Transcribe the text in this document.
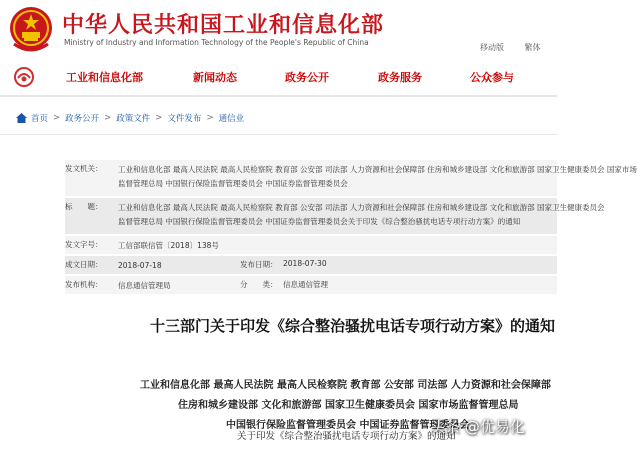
中华人民共和国工业和信息化部
Ministry of Industry and Information Technology of the People's Republic of China
移动版	繁体
工业和信息化部	新闻动态	政务公开	政务服务	公众参与
首页 > 政务公开 > 政策文件 > 文件发布 > 通信业
发文机关： 工业和信息化部 最高人民法院 最高人民检察院 教育部 公安部 司法部 人力资源和社会保障部 住房和城乡建设部 文化和旅游部 国家卫生健康委员会 国家市场
监督管理总局 中国银行保险监督管理委员会 中国证券监督管理委员会
标　　题： 工业和信息化部 最高人民法院 最高人民检察院 教育部 公安部 司法部 人力资源和社会保障部 住房和城乡建设部 文化和旅游部 国家卫生健康委员会
监督管理总局 中国银行保险监督管理委员会 中国证券监督管理委员会关于印发《综合整治骚扰电话专项行动方案》的通知
发文字号： 工信部联信管〔2018〕138号
成文日期： 2018-07-18	发布日期： 2018-07-30
发布机构： 信息通信管理局	分　　类： 信息通信管理
十三部门关于印发《综合整治骚扰电话专项行动方案》的通知
工业和信息化部 最高人民法院 最高人民检察院 教育部 公安部 司法部 人力资源和社会保障部
住房和城乡建设部 文化和旅游部 国家卫生健康委员会 国家市场监督管理总局
中国银行保险监督管理委员会 中国证券监督管理委员会
关于印发《综合整治骚扰电话专项行动方案》的通知
头条 @优易化
